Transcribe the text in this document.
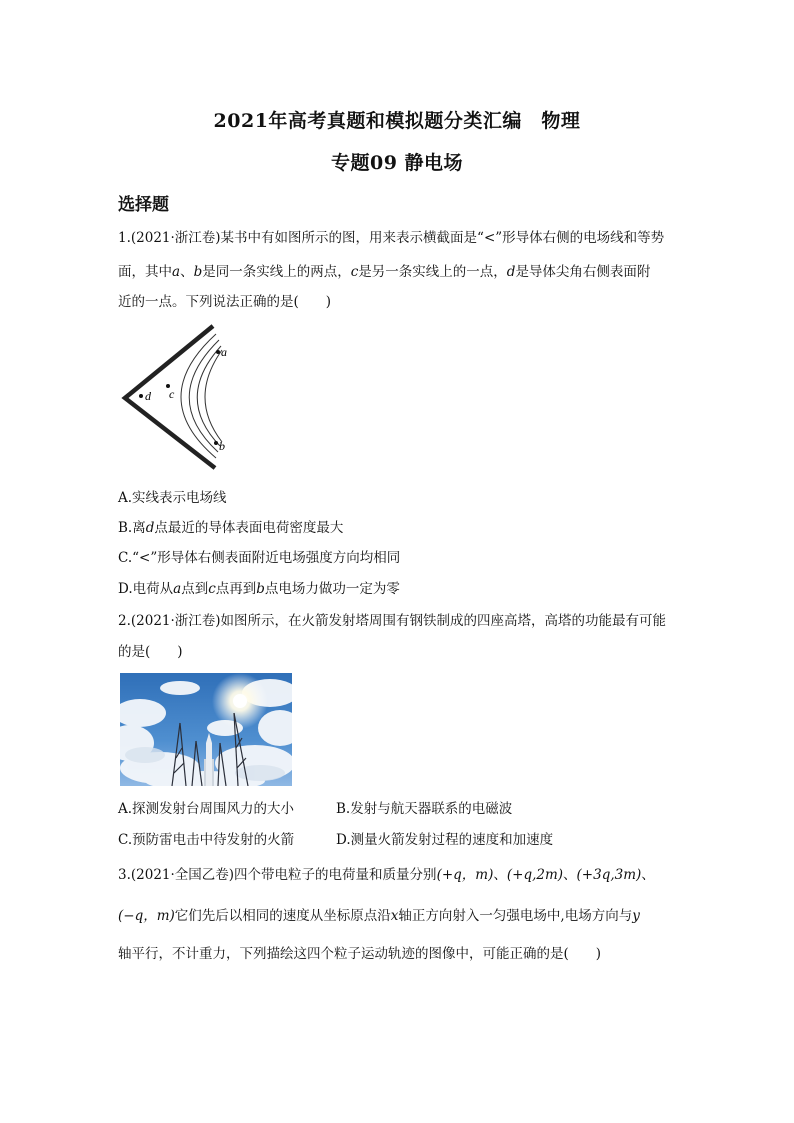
2021年高考真题和模拟题分类汇编　物理
专题09 静电场
选择题
1.(2021·浙江卷)某书中有如图所示的图，用来表示横截面是“<”形导体右侧的电场线和等势
面，其中a、b是同一条实线上的两点，c是另一条实线上的一点，d是导体尖角右侧表面附
近的一点。下列说法正确的是(　　)
a
b
c
d
A.实线表示电场线
B.离d点最近的导体表面电荷密度最大
C.“<”形导体右侧表面附近电场强度方向均相同
D.电荷从a点到c点再到b点电场力做功一定为零
2.(2021·浙江卷)如图所示，在火箭发射塔周围有钢铁制成的四座高塔，高塔的功能最有可能
的是(　　)
A.探测发射台周围风力的大小	B.发射与航天器联系的电磁波
C.预防雷电击中待发射的火箭	D.测量火箭发射过程的速度和加速度
3.(2021·全国乙卷)四个带电粒子的电荷量和质量分别(+q，m)、(+q,2m)、(+3q,3m)、
(−q，m)它们先后以相同的速度从坐标原点沿x轴正方向射入一匀强电场中,电场方向与y
轴平行，不计重力，下列描绘这四个粒子运动轨迹的图像中，可能正确的是(　　)
